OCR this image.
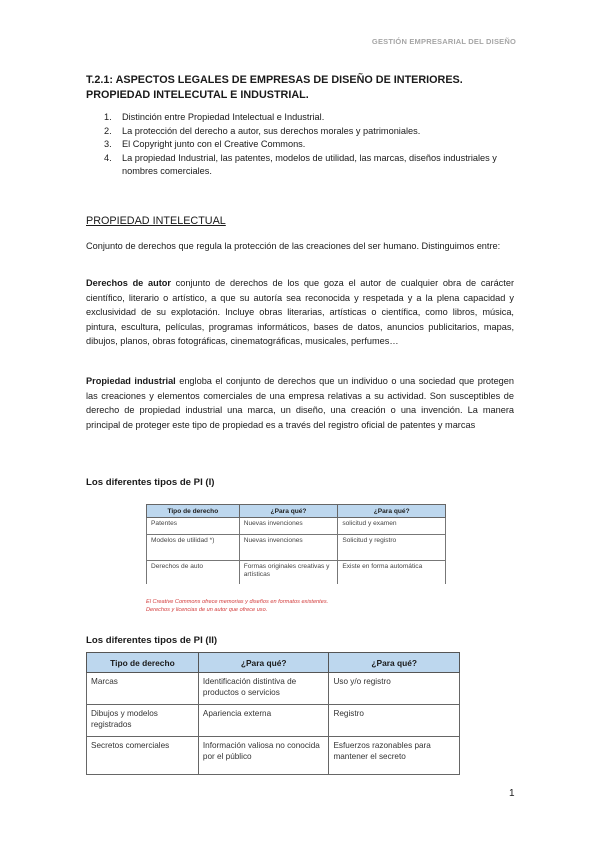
GESTIÓN EMPRESARIAL DEL DISEÑO
T.2.1: ASPECTOS LEGALES DE EMPRESAS DE DISEÑO DE INTERIORES.
PROPIEDAD INTELECUTAL E INDUSTRIAL.
1.	Distinción entre Propiedad Intelectual e Industrial.
2.	La protección del derecho a autor, sus derechos morales y patrimoniales.
3.	El Copyright junto con el Creative Commons.
4.	La propiedad Industrial, las patentes, modelos de utilidad, las marcas, diseños industriales y nombres comerciales.
PROPIEDAD INTELECTUAL

Conjunto de derechos que regula la protección de las creaciones del ser humano. Distinguimos entre:

Derechos de autor conjunto de derechos de los que goza el autor de cualquier obra de carácter científico, literario o artístico, a que su autoría sea reconocida y respetada y a la plena capacidad y exclusividad de su explotación. Incluye obras literarias, artísticas o científica, como libros, música, pintura, escultura, películas, programas informáticos, bases de datos, anuncios publicitarios, mapas, dibujos, planos, obras fotográficas, cinematográficas, musicales, perfumes…

Propiedad industrial engloba el conjunto de derechos que un individuo o una sociedad que protegen las creaciones y elementos comerciales de una empresa relativas a su actividad. Son susceptibles de derecho de propiedad industrial una marca, un diseño, una creación o una invención. La manera principal de proteger este tipo de propiedad es a través del registro oficial de patentes y marcas

Los diferentes tipos de PI (I)
Tipo de derecho	¿Para qué?	¿Para qué?
Patentes	Nuevas invenciones	solicitud y examen
Modelos de utilidad *)	Nuevas invenciones	Solicitud y registro
Derechos de auto	Formas originales creativas y artísticas	Existe en forma automática
El Creative Commons ofrece memorias y diseños en formatos existentes.
Derechos y licencias de un autor que ofrece uso.
Los diferentes tipos de PI (II)
Tipo de derecho	¿Para qué?	¿Para qué?
Marcas	Identificación distintiva de productos o servicios	Uso y/o registro
Dibujos y modelos registrados	Apariencia externa	Registro
Secretos comerciales	Información valiosa no conocida por el público	Esfuerzos razonables para mantener el secreto
1
